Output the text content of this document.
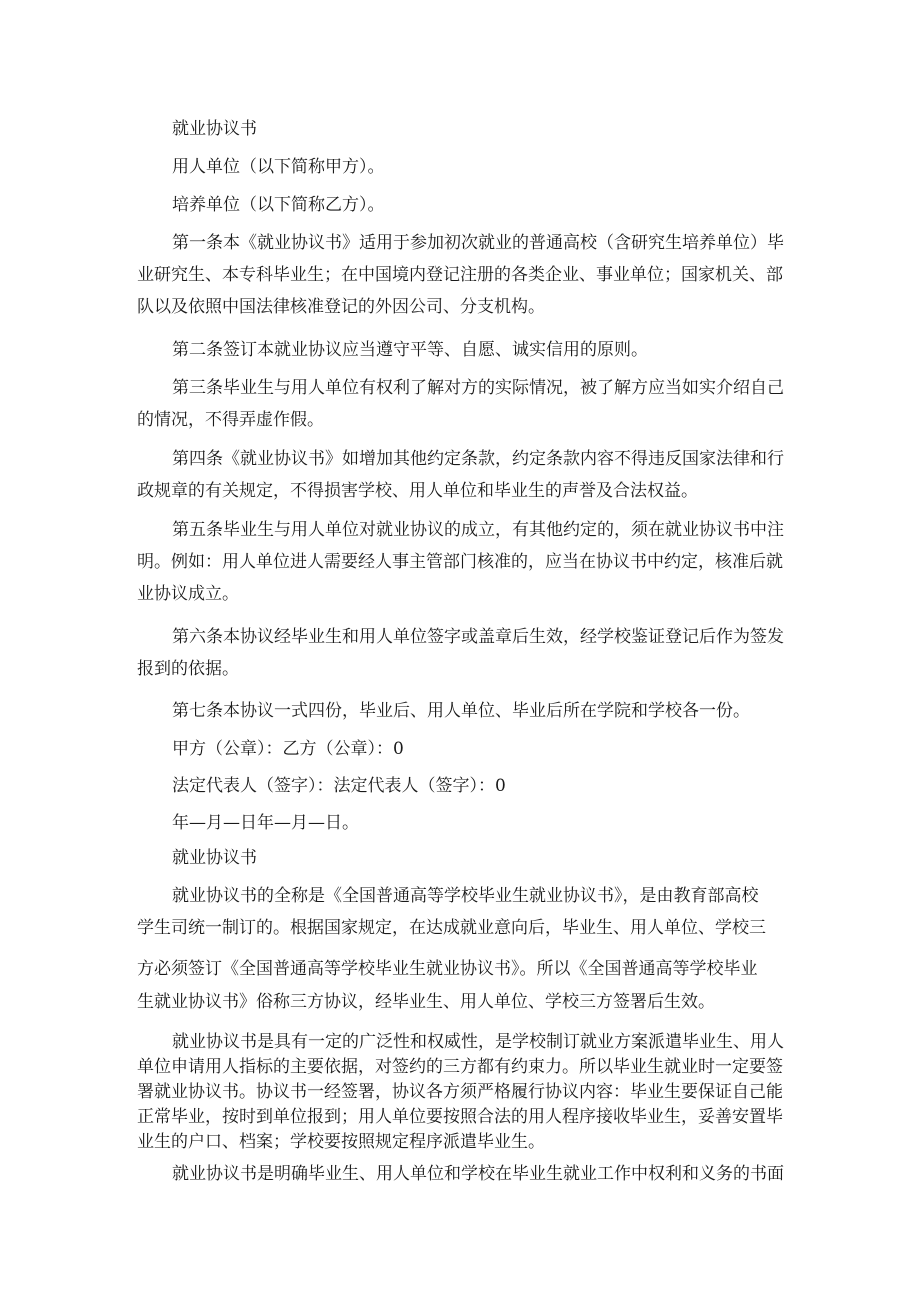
就业协议书

用人单位（以下简称甲方）。

培养单位（以下简称乙方）。

第一条本《就业协议书》适用于参加初次就业的普通高校（含研究生培养单位）毕

业研究生、本专科毕业生；在中国境内登记注册的各类企业、事业单位；国家机关、部

队以及依照中国法律核准登记的外因公司、分支机构。

第二条签订本就业协议应当遵守平等、自愿、诚实信用的原则。

第三条毕业生与用人单位有权利了解对方的实际情况，被了解方应当如实介绍自己

的情况，不得弄虚作假。

第四条《就业协议书》如增加其他约定条款，约定条款内容不得违反国家法律和行

政规章的有关规定，不得损害学校、用人单位和毕业生的声誉及合法权益。

第五条毕业生与用人单位对就业协议的成立，有其他约定的，须在就业协议书中注

明。例如：用人单位进人需要经人事主管部门核准的，应当在协议书中约定，核准后就

业协议成立。

第六条本协议经毕业生和用人单位签字或盖章后生效，经学校鉴证登记后作为签发

报到的依据。

第七条本协议一式四份，毕业后、用人单位、毕业后所在学院和学校各一份。

甲方（公章）：乙方（公章）：0

法定代表人（签字）：法定代表人（签字）：0

年—月—日年—月—日。

就业协议书

就业协议书的全称是《全国普通高等学校毕业生就业协议书》，是由教育部高校

学生司统一制订的。根据国家规定，在达成就业意向后，毕业生、用人单位、学校三

方必须签订《全国普通高等学校毕业生就业协议书》。所以《全国普通高等学校毕业

生就业协议书》俗称三方协议，经毕业生、用人单位、学校三方签署后生效。

就业协议书是具有一定的广泛性和权威性，是学校制订就业方案派遣毕业生、用人

单位申请用人指标的主要依据，对签约的三方都有约束力。所以毕业生就业时一定要签

署就业协议书。协议书一经签署，协议各方须严格履行协议内容：毕业生要保证自己能

正常毕业，按时到单位报到；用人单位要按照合法的用人程序接收毕业生，妥善安置毕

业生的户口、档案；学校要按照规定程序派遣毕业生。

就业协议书是明确毕业生、用人单位和学校在毕业生就业工作中权利和义务的书面
